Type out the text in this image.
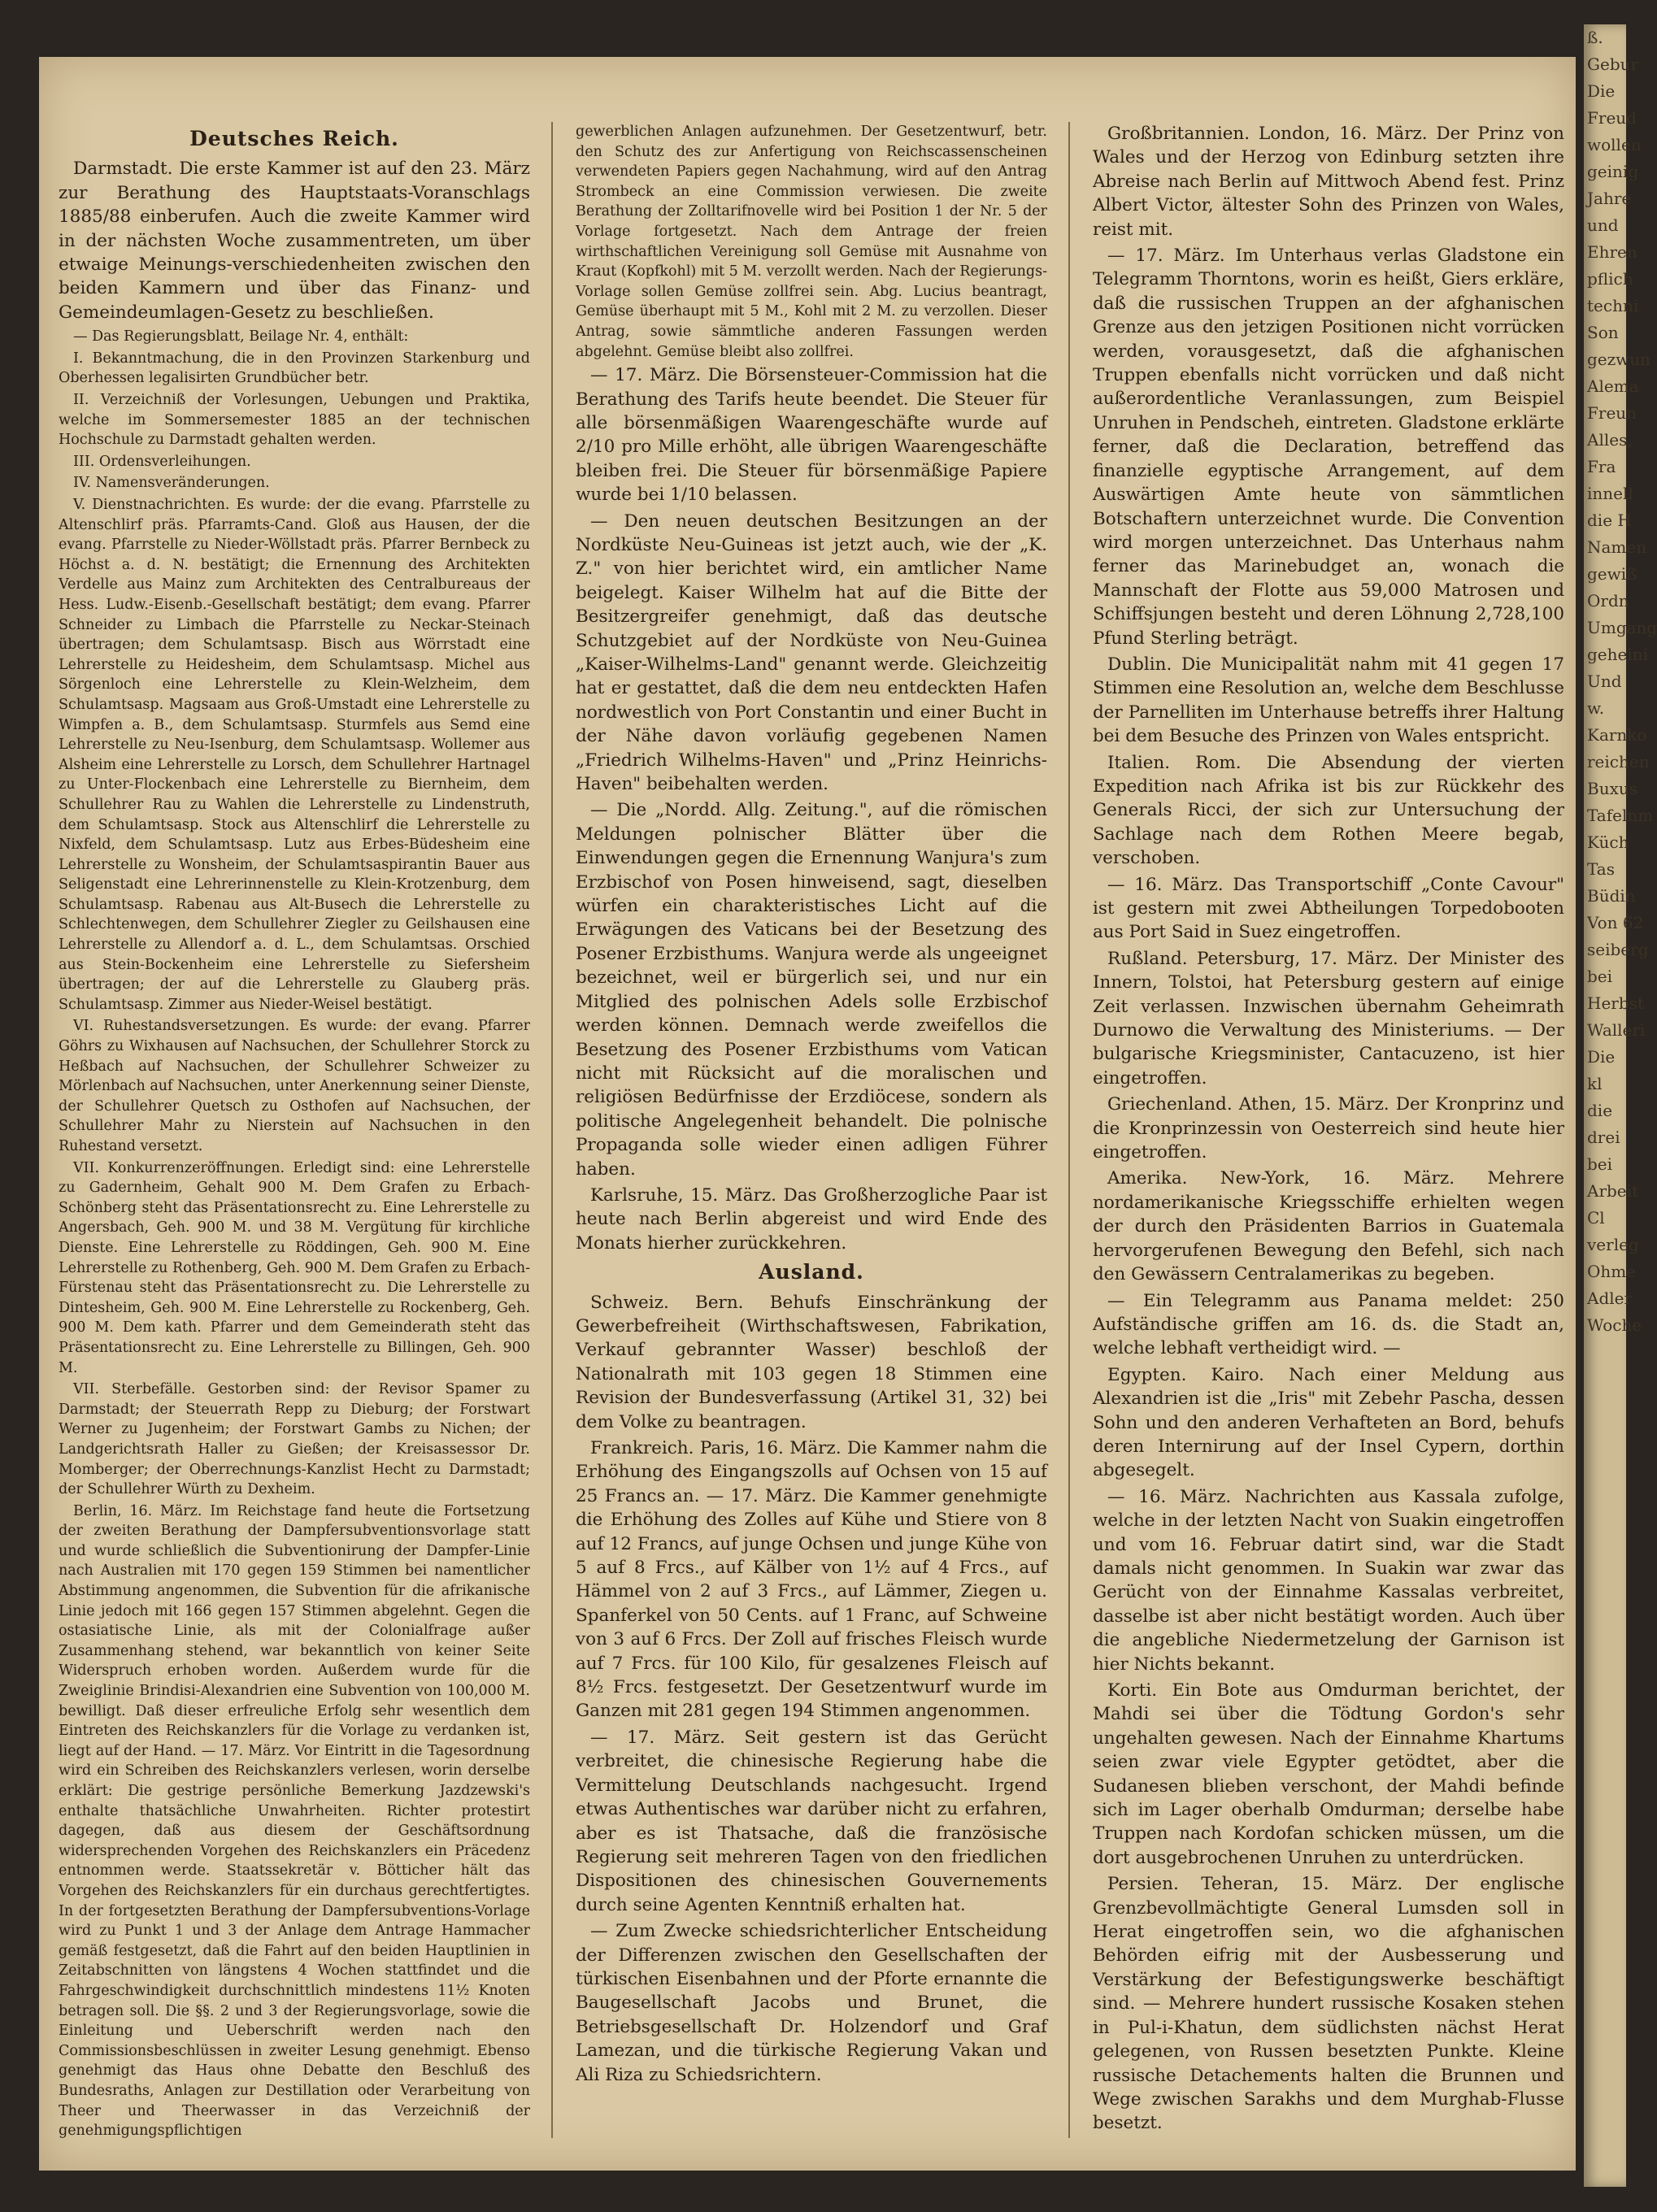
Deutsches Reich.

Darmstadt. Die erste Kammer ist auf den 23. März zur Berathung des Hauptstaats-Voranschlags 1885/88 einberufen. Auch die zweite Kammer wird in der nächsten Woche zusammentreten, um über etwaige Meinungs-verschiedenheiten zwischen den beiden Kammern und über das Finanz- und Gemeindeumlagen-Gesetz zu beschließen.

— Das Regierungsblatt, Beilage Nr. 4, enthält:

I. Bekanntmachung, die in den Provinzen Starkenburg und Oberhessen legalisirten Grundbücher betr.

II. Verzeichniß der Vorlesungen, Uebungen und Praktika, welche im Sommersemester 1885 an der technischen Hochschule zu Darmstadt gehalten werden.

III. Ordensverleihungen.

IV. Namensveränderungen.

V. Dienstnachrichten. Es wurde: der die evang. Pfarrstelle zu Altenschlirf präs. Pfarramts-Cand. Gloß aus Hausen, der die evang. Pfarrstelle zu Nieder-Wöllstadt präs. Pfarrer Bernbeck zu Höchst a. d. N. bestätigt; die Ernennung des Architekten Verdelle aus Mainz zum Architekten des Centralbureaus der Hess. Ludw.-Eisenb.-Gesellschaft bestätigt; dem evang. Pfarrer Schneider zu Limbach die Pfarrstelle zu Neckar-Steinach übertragen; dem Schulamtsasp. Bisch aus Wörrstadt eine Lehrerstelle zu Heidesheim, dem Schulamtsasp. Michel aus Sörgenloch eine Lehrerstelle zu Klein-Welzheim, dem Schulamtsasp. Magsaam aus Groß-Umstadt eine Lehrerstelle zu Wimpfen a. B., dem Schulamtsasp. Sturmfels aus Semd eine Lehrerstelle zu Neu-Isenburg, dem Schulamtsasp. Wollemer aus Alsheim eine Lehrerstelle zu Lorsch, dem Schullehrer Hartnagel zu Unter-Flockenbach eine Lehrerstelle zu Biernheim, dem Schullehrer Rau zu Wahlen die Lehrerstelle zu Lindenstruth, dem Schulamtsasp. Stock aus Altenschlirf die Lehrerstelle zu Nixfeld, dem Schulamtsasp. Lutz aus Erbes-Büdesheim eine Lehrerstelle zu Wonsheim, der Schulamtsaspirantin Bauer aus Seligenstadt eine Lehrerinnenstelle zu Klein-Krotzenburg, dem Schulamtsasp. Rabenau aus Alt-Busech die Lehrerstelle zu Schlechtenwegen, dem Schullehrer Ziegler zu Geilshausen eine Lehrerstelle zu Allendorf a. d. L., dem Schulamtsas. Orschied aus Stein-Bockenheim eine Lehrerstelle zu Siefersheim übertragen; der auf die Lehrerstelle zu Glauberg präs. Schulamtsasp. Zimmer aus Nieder-Weisel bestätigt.

VI. Ruhestandsversetzungen. Es wurde: der evang. Pfarrer Göhrs zu Wixhausen auf Nachsuchen, der Schullehrer Storck zu Heßbach auf Nachsuchen, der Schullehrer Schweizer zu Mörlenbach auf Nachsuchen, unter Anerkennung seiner Dienste, der Schullehrer Quetsch zu Osthofen auf Nachsuchen, der Schullehrer Mahr zu Nierstein auf Nachsuchen in den Ruhestand versetzt.

VII. Konkurrenzeröffnungen. Erledigt sind: eine Lehrerstelle zu Gadernheim, Gehalt 900 M. Dem Grafen zu Erbach-Schönberg steht das Präsentationsrecht zu. Eine Lehrerstelle zu Angersbach, Geh. 900 M. und 38 M. Vergütung für kirchliche Dienste. Eine Lehrerstelle zu Röddingen, Geh. 900 M. Eine Lehrerstelle zu Rothenberg, Geh. 900 M. Dem Grafen zu Erbach-Fürstenau steht das Präsentationsrecht zu. Die Lehrerstelle zu Dintesheim, Geh. 900 M. Eine Lehrerstelle zu Rockenberg, Geh. 900 M. Dem kath. Pfarrer und dem Gemeinderath steht das Präsentationsrecht zu. Eine Lehrerstelle zu Billingen, Geh. 900 M.

VII. Sterbefälle. Gestorben sind: der Revisor Spamer zu Darmstadt; der Steuerrath Repp zu Dieburg; der Forstwart Werner zu Jugenheim; der Forstwart Gambs zu Nichen; der Landgerichtsrath Haller zu Gießen; der Kreisassessor Dr. Momberger; der Oberrechnungs-Kanzlist Hecht zu Darmstadt; der Schullehrer Würth zu Dexheim.

Berlin, 16. März. Im Reichstage fand heute die Fortsetzung der zweiten Berathung der Dampfersubventionsvorlage statt und wurde schließlich die Subventionirung der Dampfer-Linie nach Australien mit 170 gegen 159 Stimmen bei namentlicher Abstimmung angenommen, die Subvention für die afrikanische Linie jedoch mit 166 gegen 157 Stimmen abgelehnt. Gegen die ostasiatische Linie, als mit der Colonialfrage außer Zusammenhang stehend, war bekanntlich von keiner Seite Widerspruch erhoben worden. Außerdem wurde für die Zweiglinie Brindisi-Alexandrien eine Subvention von 100,000 M. bewilligt. Daß dieser erfreuliche Erfolg sehr wesentlich dem Eintreten des Reichskanzlers für die Vorlage zu verdanken ist, liegt auf der Hand. — 17. März. Vor Eintritt in die Tagesordnung wird ein Schreiben des Reichskanzlers verlesen, worin derselbe erklärt: Die gestrige persönliche Bemerkung Jazdzewski's enthalte thatsächliche Unwahrheiten. Richter protestirt dagegen, daß aus diesem der Geschäftsordnung widersprechenden Vorgehen des Reichskanzlers ein Präcedenz entnommen werde. Staatssekretär v. Bötticher hält das Vorgehen des Reichskanzlers für ein durchaus gerechtfertigtes. In der fortgesetzten Berathung der Dampfersubventions-Vorlage wird zu Punkt 1 und 3 der Anlage dem Antrage Hammacher gemäß festgesetzt, daß die Fahrt auf den beiden Hauptlinien in Zeitabschnitten von längstens 4 Wochen stattfindet und die Fahrgeschwindigkeit durchschnittlich mindestens 11½ Knoten betragen soll. Die §§. 2 und 3 der Regierungsvorlage, sowie die Einleitung und Ueberschrift werden nach den Commissionsbeschlüssen in zweiter Lesung genehmigt. Ebenso genehmigt das Haus ohne Debatte den Beschluß des Bundesraths, Anlagen zur Destillation oder Verarbeitung von Theer und Theerwasser in das Verzeichniß der genehmigungspflichtigen

gewerblichen Anlagen aufzunehmen. Der Gesetzentwurf, betr. den Schutz des zur Anfertigung von Reichscassenscheinen verwendeten Papiers gegen Nachahmung, wird auf den Antrag Strombeck an eine Commission verwiesen. Die zweite Berathung der Zolltarifnovelle wird bei Position 1 der Nr. 5 der Vorlage fortgesetzt. Nach dem Antrage der freien wirthschaftlichen Vereinigung soll Gemüse mit Ausnahme von Kraut (Kopfkohl) mit 5 M. verzollt werden. Nach der Regierungs-Vorlage sollen Gemüse zollfrei sein. Abg. Lucius beantragt, Gemüse überhaupt mit 5 M., Kohl mit 2 M. zu verzollen. Dieser Antrag, sowie sämmtliche anderen Fassungen werden abgelehnt. Gemüse bleibt also zollfrei.

— 17. März. Die Börsensteuer-Commission hat die Berathung des Tarifs heute beendet. Die Steuer für alle börsenmäßigen Waarengeschäfte wurde auf 2/10 pro Mille erhöht, alle übrigen Waarengeschäfte bleiben frei. Die Steuer für börsenmäßige Papiere wurde bei 1/10 belassen.

— Den neuen deutschen Besitzungen an der Nordküste Neu-Guineas ist jetzt auch, wie der „K. Z." von hier berichtet wird, ein amtlicher Name beigelegt. Kaiser Wilhelm hat auf die Bitte der Besitzergreifer genehmigt, daß das deutsche Schutzgebiet auf der Nordküste von Neu-Guinea „Kaiser-Wilhelms-Land" genannt werde. Gleichzeitig hat er gestattet, daß die dem neu entdeckten Hafen nordwestlich von Port Constantin und einer Bucht in der Nähe davon vorläufig gegebenen Namen „Friedrich Wilhelms-Haven" und „Prinz Heinrichs-Haven" beibehalten werden.

— Die „Nordd. Allg. Zeitung.", auf die römischen Meldungen polnischer Blätter über die Einwendungen gegen die Ernennung Wanjura's zum Erzbischof von Posen hinweisend, sagt, dieselben würfen ein charakteristisches Licht auf die Erwägungen des Vaticans bei der Besetzung des Posener Erzbisthums. Wanjura werde als ungeeignet bezeichnet, weil er bürgerlich sei, und nur ein Mitglied des polnischen Adels solle Erzbischof werden können. Demnach werde zweifellos die Besetzung des Posener Erzbisthums vom Vatican nicht mit Rücksicht auf die moralischen und religiösen Bedürfnisse der Erzdiöcese, sondern als politische Angelegenheit behandelt. Die polnische Propaganda solle wieder einen adligen Führer haben.

Karlsruhe, 15. März. Das Großherzogliche Paar ist heute nach Berlin abgereist und wird Ende des Monats hierher zurückkehren.

Ausland.

Schweiz. Bern. Behufs Einschränkung der Gewerbefreiheit (Wirthschaftswesen, Fabrikation, Verkauf gebrannter Wasser) beschloß der Nationalrath mit 103 gegen 18 Stimmen eine Revision der Bundesverfassung (Artikel 31, 32) bei dem Volke zu beantragen.

Frankreich. Paris, 16. März. Die Kammer nahm die Erhöhung des Eingangszolls auf Ochsen von 15 auf 25 Francs an. — 17. März. Die Kammer genehmigte die Erhöhung des Zolles auf Kühe und Stiere von 8 auf 12 Francs, auf junge Ochsen und junge Kühe von 5 auf 8 Frcs., auf Kälber von 1½ auf 4 Frcs., auf Hämmel von 2 auf 3 Frcs., auf Lämmer, Ziegen u. Spanferkel von 50 Cents. auf 1 Franc, auf Schweine von 3 auf 6 Frcs. Der Zoll auf frisches Fleisch wurde auf 7 Frcs. für 100 Kilo, für gesalzenes Fleisch auf 8½ Frcs. festgesetzt. Der Gesetzentwurf wurde im Ganzen mit 281 gegen 194 Stimmen angenommen.

— 17. März. Seit gestern ist das Gerücht verbreitet, die chinesische Regierung habe die Vermittelung Deutschlands nachgesucht. Irgend etwas Authentisches war darüber nicht zu erfahren, aber es ist Thatsache, daß die französische Regierung seit mehreren Tagen von den friedlichen Dispositionen des chinesischen Gouvernements durch seine Agenten Kenntniß erhalten hat.

— Zum Zwecke schiedsrichterlicher Entscheidung der Differenzen zwischen den Gesellschaften der türkischen Eisenbahnen und der Pforte ernannte die Baugesellschaft Jacobs und Brunet, die Betriebsgesellschaft Dr. Holzendorf und Graf Lamezan, und die türkische Regierung Vakan und Ali Riza zu Schiedsrichtern.

Großbritannien. London, 16. März. Der Prinz von Wales und der Herzog von Edinburg setzten ihre Abreise nach Berlin auf Mittwoch Abend fest. Prinz Albert Victor, ältester Sohn des Prinzen von Wales, reist mit.

— 17. März. Im Unterhaus verlas Gladstone ein Telegramm Thorntons, worin es heißt, Giers erkläre, daß die russischen Truppen an der afghanischen Grenze aus den jetzigen Positionen nicht vorrücken werden, vorausgesetzt, daß die afghanischen Truppen ebenfalls nicht vorrücken und daß nicht außerordentliche Veranlassungen, zum Beispiel Unruhen in Pendscheh, eintreten. Gladstone erklärte ferner, daß die Declaration, betreffend das finanzielle egyptische Arrangement, auf dem Auswärtigen Amte heute von sämmtlichen Botschaftern unterzeichnet wurde. Die Convention wird morgen unterzeichnet. Das Unterhaus nahm ferner das Marinebudget an, wonach die Mannschaft der Flotte aus 59,000 Matrosen und Schiffsjungen besteht und deren Löhnung 2,728,100 Pfund Sterling beträgt.

Dublin. Die Municipalität nahm mit 41 gegen 17 Stimmen eine Resolution an, welche dem Beschlusse der Parnelliten im Unterhause betreffs ihrer Haltung bei dem Besuche des Prinzen von Wales entspricht.

Italien. Rom. Die Absendung der vierten Expedition nach Afrika ist bis zur Rückkehr des Generals Ricci, der sich zur Untersuchung der Sachlage nach dem Rothen Meere begab, verschoben.

— 16. März. Das Transportschiff „Conte Cavour" ist gestern mit zwei Abtheilungen Torpedobooten aus Port Said in Suez eingetroffen.

Rußland. Petersburg, 17. März. Der Minister des Innern, Tolstoi, hat Petersburg gestern auf einige Zeit verlassen. Inzwischen übernahm Geheimrath Durnowo die Verwaltung des Ministeriums. — Der bulgarische Kriegsminister, Cantacuzeno, ist hier eingetroffen.

Griechenland. Athen, 15. März. Der Kronprinz und die Kronprinzessin von Oesterreich sind heute hier eingetroffen.

Amerika. New-York, 16. März. Mehrere nordamerikanische Kriegsschiffe erhielten wegen der durch den Präsidenten Barrios in Guatemala hervorgerufenen Bewegung den Befehl, sich nach den Gewässern Centralamerikas zu begeben.

— Ein Telegramm aus Panama meldet: 250 Aufständische griffen am 16. ds. die Stadt an, welche lebhaft vertheidigt wird. —

Egypten. Kairo. Nach einer Meldung aus Alexandrien ist die „Iris" mit Zebehr Pascha, dessen Sohn und den anderen Verhafteten an Bord, behufs deren Internirung auf der Insel Cypern, dorthin abgesegelt.

— 16. März. Nachrichten aus Kassala zufolge, welche in der letzten Nacht von Suakin eingetroffen und vom 16. Februar datirt sind, war die Stadt damals nicht genommen. In Suakin war zwar das Gerücht von der Einnahme Kassalas verbreitet, dasselbe ist aber nicht bestätigt worden. Auch über die angebliche Niedermetzelung der Garnison ist hier Nichts bekannt.

Korti. Ein Bote aus Omdurman berichtet, der Mahdi sei über die Tödtung Gordon's sehr ungehalten gewesen. Nach der Einnahme Khartums seien zwar viele Egypter getödtet, aber die Sudanesen blieben verschont, der Mahdi befinde sich im Lager oberhalb Omdurman; derselbe habe Truppen nach Kordofan schicken müssen, um die dort ausgebrochenen Unruhen zu unterdrücken.

Persien. Teheran, 15. März. Der englische Grenzbevollmächtigte General Lumsden soll in Herat eingetroffen sein, wo die afghanischen Behörden eifrig mit der Ausbesserung und Verstärkung der Befestigungswerke beschäftigt sind. — Mehrere hundert russische Kosaken stehen in Pul-i-Khatun, dem südlichsten nächst Herat gelegenen, von Russen besetzten Punkte. Kleine russische Detachements halten die Brunnen und Wege zwischen Sarakhs und dem Murghab-Flusse besetzt.

ß.
Gebur
Die
Freud
wollen
geinig
Jahre
und
Ehren
pflich
techni
Son
gezwun
Alema
Freun
Alles,
Fra
innell
die H
Namen
gewiß
Ordn
Umgang
geheini
Und
w.
Karnko
reichen
Buxus
Tafelnm
Küch
Tas
Büdin
Von 62
seiberg
bei
Herbst
Walleri
Die
kl
die
drei
bei
Arbeit
Cl
verleg
Ohme
Adler
Woche
